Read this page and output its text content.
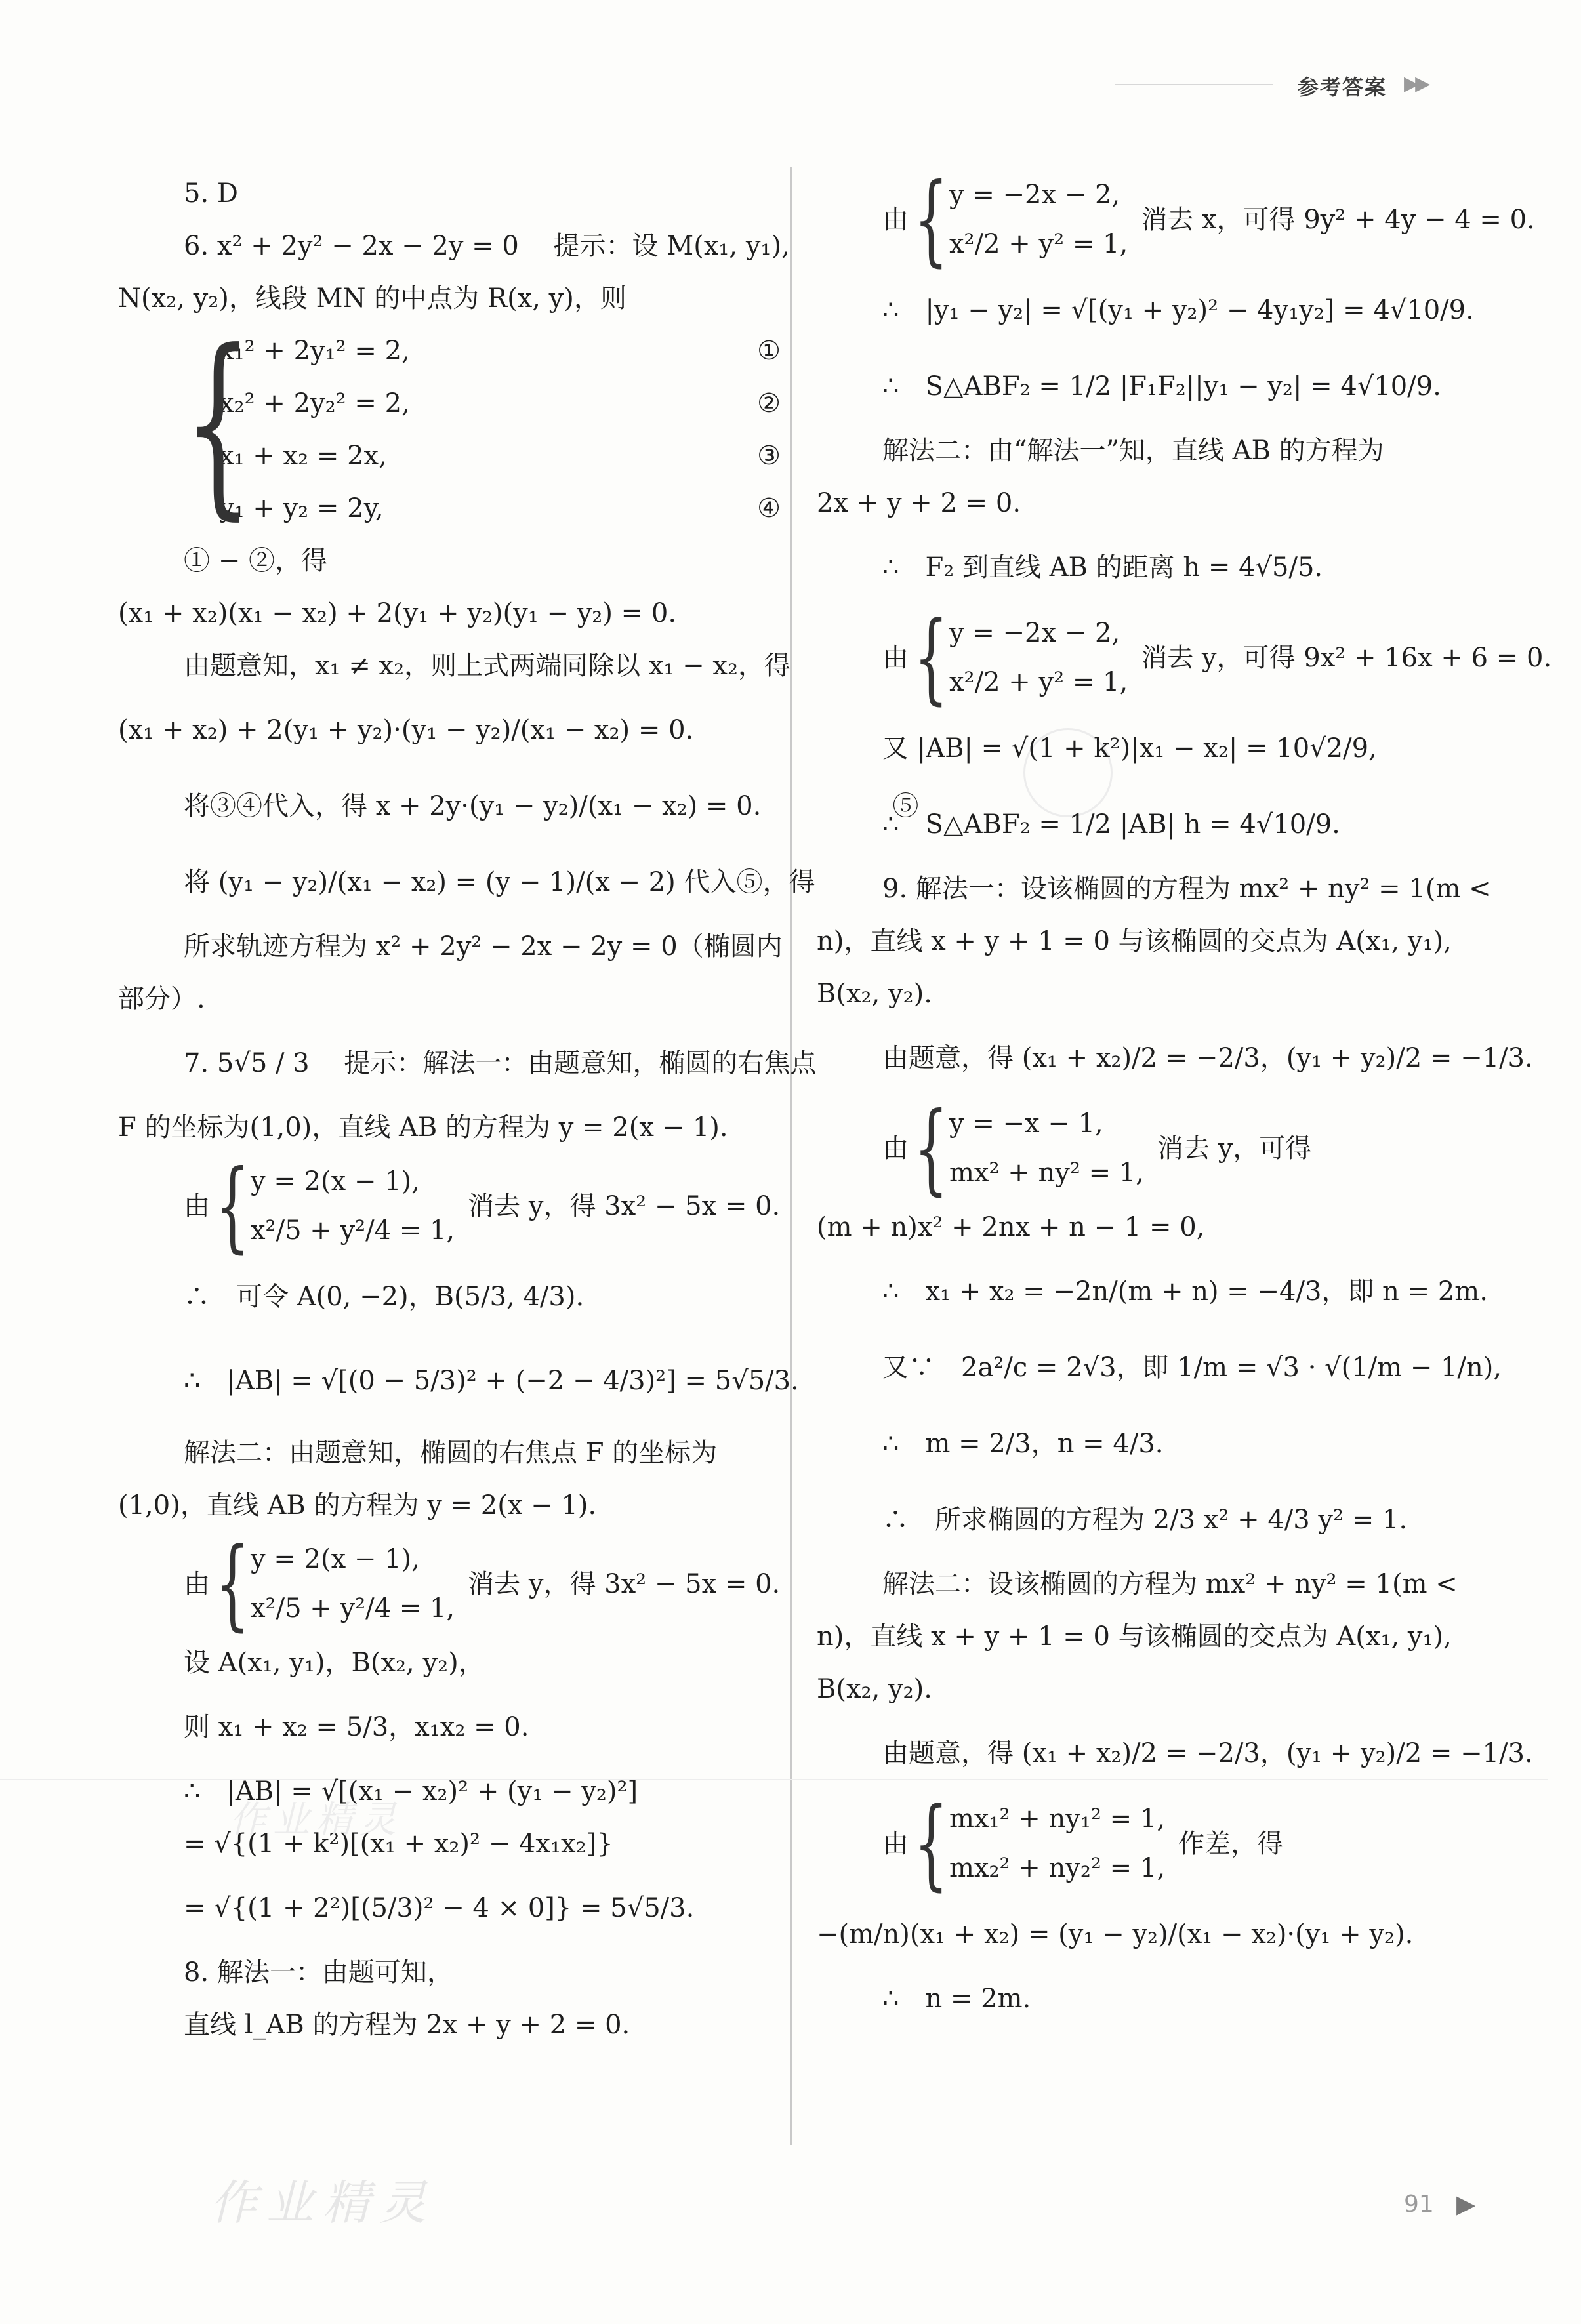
参考答案 ▶▶
5. D
6. x² + 2y² − 2x − 2y = 0　 提示：设 M(x₁, y₁),
N(x₂, y₂)，线段 MN 的中点为 R(x, y)，则
{
x₁² + 2y₁² = 2,	①
x₂² + 2y₂² = 2,	②
x₁ + x₂ = 2x,	③
y₁ + y₂ = 2y,	④
① − ②，得
(x₁ + x₂)(x₁ − x₂) + 2(y₁ + y₂)(y₁ − y₂) = 0.
由题意知，x₁ ≠ x₂，则上式两端同除以 x₁ − x₂，得
(x₁ + x₂) + 2(y₁ + y₂)·(y₁ − y₂)/(x₁ − x₂) = 0.
将③④代入，得 x + 2y·(y₁ − y₂)/(x₁ − x₂) = 0.　　　　　⑤
将 (y₁ − y₂)/(x₁ − x₂) = (y − 1)/(x − 2) 代入⑤，得
所求轨迹方程为 x² + 2y² − 2x − 2y = 0（椭圆内
部分）.
7. 5√5 / 3　 提示：解法一：由题意知，椭圆的右焦点
F 的坐标为(1,0)，直线 AB 的方程为 y = 2(x − 1).
由 { y = 2(x − 1),
x²/5 + y²/4 = 1,
消去 y，得 3x² − 5x = 0.
∴　可令 A(0, −2)，B(5/3, 4/3).
∴　|AB| = √[(0 − 5/3)² + (−2 − 4/3)²] = 5√5/3.
解法二：由题意知，椭圆的右焦点 F 的坐标为
(1,0)，直线 AB 的方程为 y = 2(x − 1).
由 { y = 2(x − 1),
x²/5 + y²/4 = 1,
消去 y，得 3x² − 5x = 0.
设 A(x₁, y₁)，B(x₂, y₂)，
则 x₁ + x₂ = 5/3，x₁x₂ = 0.
∴　|AB| = √[(x₁ − x₂)² + (y₁ − y₂)²]
= √{(1 + k²)[(x₁ + x₂)² − 4x₁x₂]}
= √{(1 + 2²)[(5/3)² − 4 × 0]} = 5√5/3.
8. 解法一：由题可知，
直线 l_AB 的方程为 2x + y + 2 = 0.
由 { y = −2x − 2,
x²/2 + y² = 1,
消去 x，可得 9y² + 4y − 4 = 0.
∴　|y₁ − y₂| = √[(y₁ + y₂)² − 4y₁y₂] = 4√10/9.
∴　S△ABF₂ = 1/2 |F₁F₂||y₁ − y₂| = 4√10/9.
解法二：由“解法一”知，直线 AB 的方程为
2x + y + 2 = 0.
∴　F₂ 到直线 AB 的距离 h = 4√5/5.
由 { y = −2x − 2,
x²/2 + y² = 1,
消去 y，可得 9x² + 16x + 6 = 0.
又 |AB| = √(1 + k²)|x₁ − x₂| = 10√2/9,
∴　S△ABF₂ = 1/2 |AB| h = 4√10/9.
9. 解法一：设该椭圆的方程为 mx² + ny² = 1(m <
n)，直线 x + y + 1 = 0 与该椭圆的交点为 A(x₁, y₁),
B(x₂, y₂).
由题意，得 (x₁ + x₂)/2 = −2/3，(y₁ + y₂)/2 = −1/3.
由 { y = −x − 1,
mx² + ny² = 1,
消去 y，可得
(m + n)x² + 2nx + n − 1 = 0,
∴　x₁ + x₂ = −2n/(m + n) = −4/3，即 n = 2m.
又∵　2a²/c = 2√3，即 1/m = √3 · √(1/m − 1/n),
∴　m = 2/3，n = 4/3.
∴　所求椭圆的方程为 2/3 x² + 4/3 y² = 1.
解法二：设该椭圆的方程为 mx² + ny² = 1(m <
n)，直线 x + y + 1 = 0 与该椭圆的交点为 A(x₁, y₁),
B(x₂, y₂).
由题意，得 (x₁ + x₂)/2 = −2/3，(y₁ + y₂)/2 = −1/3.
由 { mx₁² + ny₁² = 1,
mx₂² + ny₂² = 1,
作差，得
−(m/n)(x₁ + x₂) = (y₁ − y₂)/(x₁ − x₂)·(y₁ + y₂).
∴　n = 2m.
作业精灵
作业精灵	91 ▶
